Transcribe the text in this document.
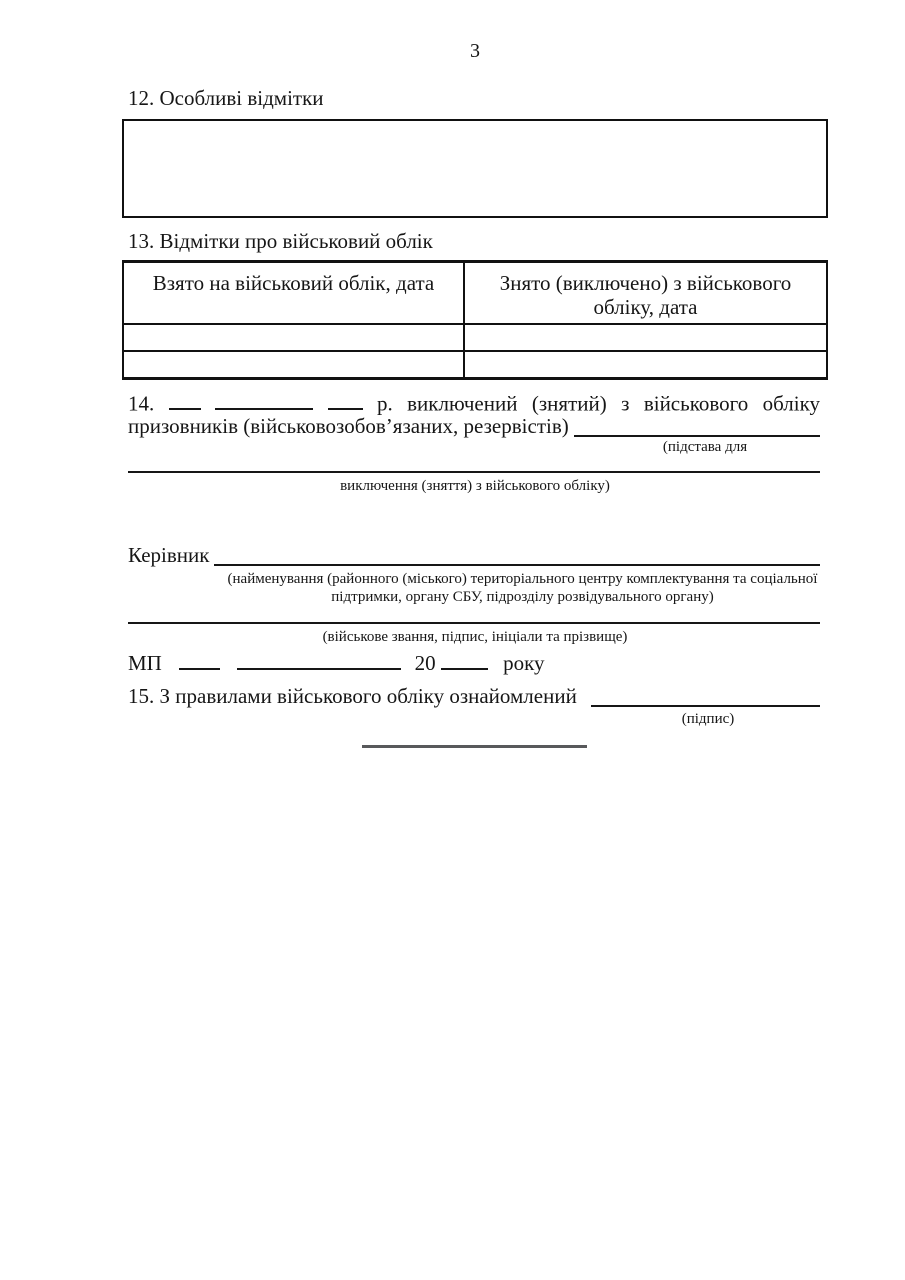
3
12. Особливі відмітки
13. Відмітки про військовий облік
Взято на військовий облік, дата	Знято (виключено) з військового обліку, дата
14.	р. виключений (знятий) з військового обліку
призовників (військовозобов’язаних, резервістів)
(підстава для
виключення (зняття) з військового обліку)
Керівник
(найменування (районного (міського) територіального центру комплектування та соціальної
підтримки, органу СБУ, підрозділу розвідувального органу)
(військове звання, підпис, ініціали та прізвище)
МП	20	року
15. З правилами військового обліку ознайомлений
(підпис)
